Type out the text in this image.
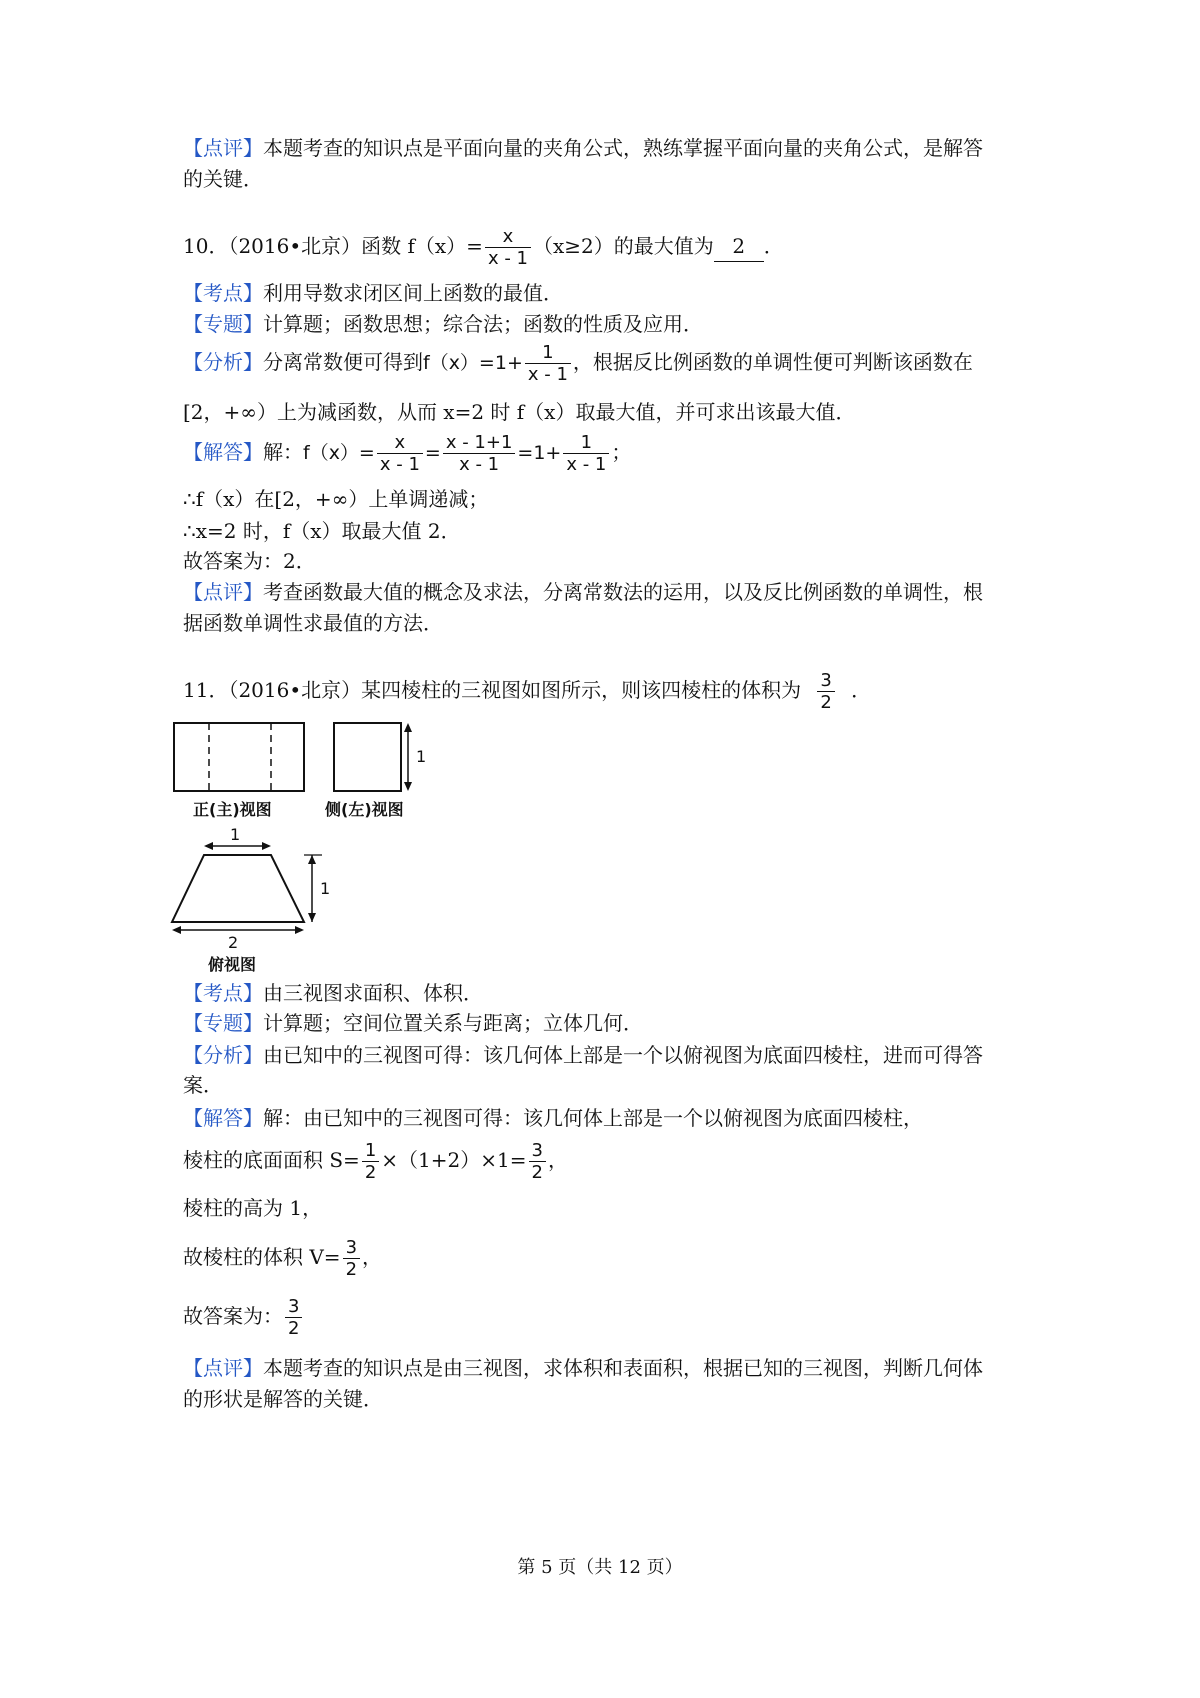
【点评】本题考查的知识点是平面向量的夹角公式，熟练掌握平面向量的夹角公式，是解答
的关键．
10．（2016•北京）函数 $f(x)= \frac{x}{x - 1} (x\ge 2)$的最大值为 2 ．
【考点】利用导数求闭区间上函数的最值．
【专题】计算题；函数思想；综合法；函数的性质及应用．
【分析】分离常数便可得到$f(x)=1+ \frac{1}{x - 1}$ ，根据反比例函数的单调性便可判断该函数在
[2，+∞）上为减函数，从而 x=2 时 f（x）取最大值，并可求出该最大值．
【解答】解：$f(x)= \frac{x}{x - 1} = \frac{x - 1+1}{x - 1} =1+ \frac{1}{x - 1}$ ；
∴f（x）在[2，+∞）上单调递减；
∴x=2 时，f（x）取最大值 2．
故答案为：2．
【点评】考查函数最大值的概念及求法，分离常数法的运用，以及反比例函数的单调性，根
据函数单调性求最值的方法．
11．（2016•北京）某四棱柱的三视图如图所示，则该四棱柱的体积为 $\frac{3}{2}$ ．
正(主)视图
1
侧(左)视图
1
1
2
俯视图
【考点】由三视图求面积、体积．
【专题】计算题；空间位置关系与距离；立体几何．
【分析】由已知中的三视图可得：该几何体上部是一个以俯视图为底面四棱柱，进而可得答
案．
【解答】解：由已知中的三视图可得：该几何体上部是一个以俯视图为底面四棱柱，
棱柱的底面面积 $S= \frac{1}{2} \times(1+2)\times 1= \frac{3}{2}$ ，
棱柱的高为 1，
故棱柱的体积 $V= \frac{3}{2}$ ，
故答案为： $\frac{3}{2}$
【点评】本题考查的知识点是由三视图，求体积和表面积，根据已知的三视图，判断几何体
的形状是解答的关键．
第 5 页（共 12 页）
